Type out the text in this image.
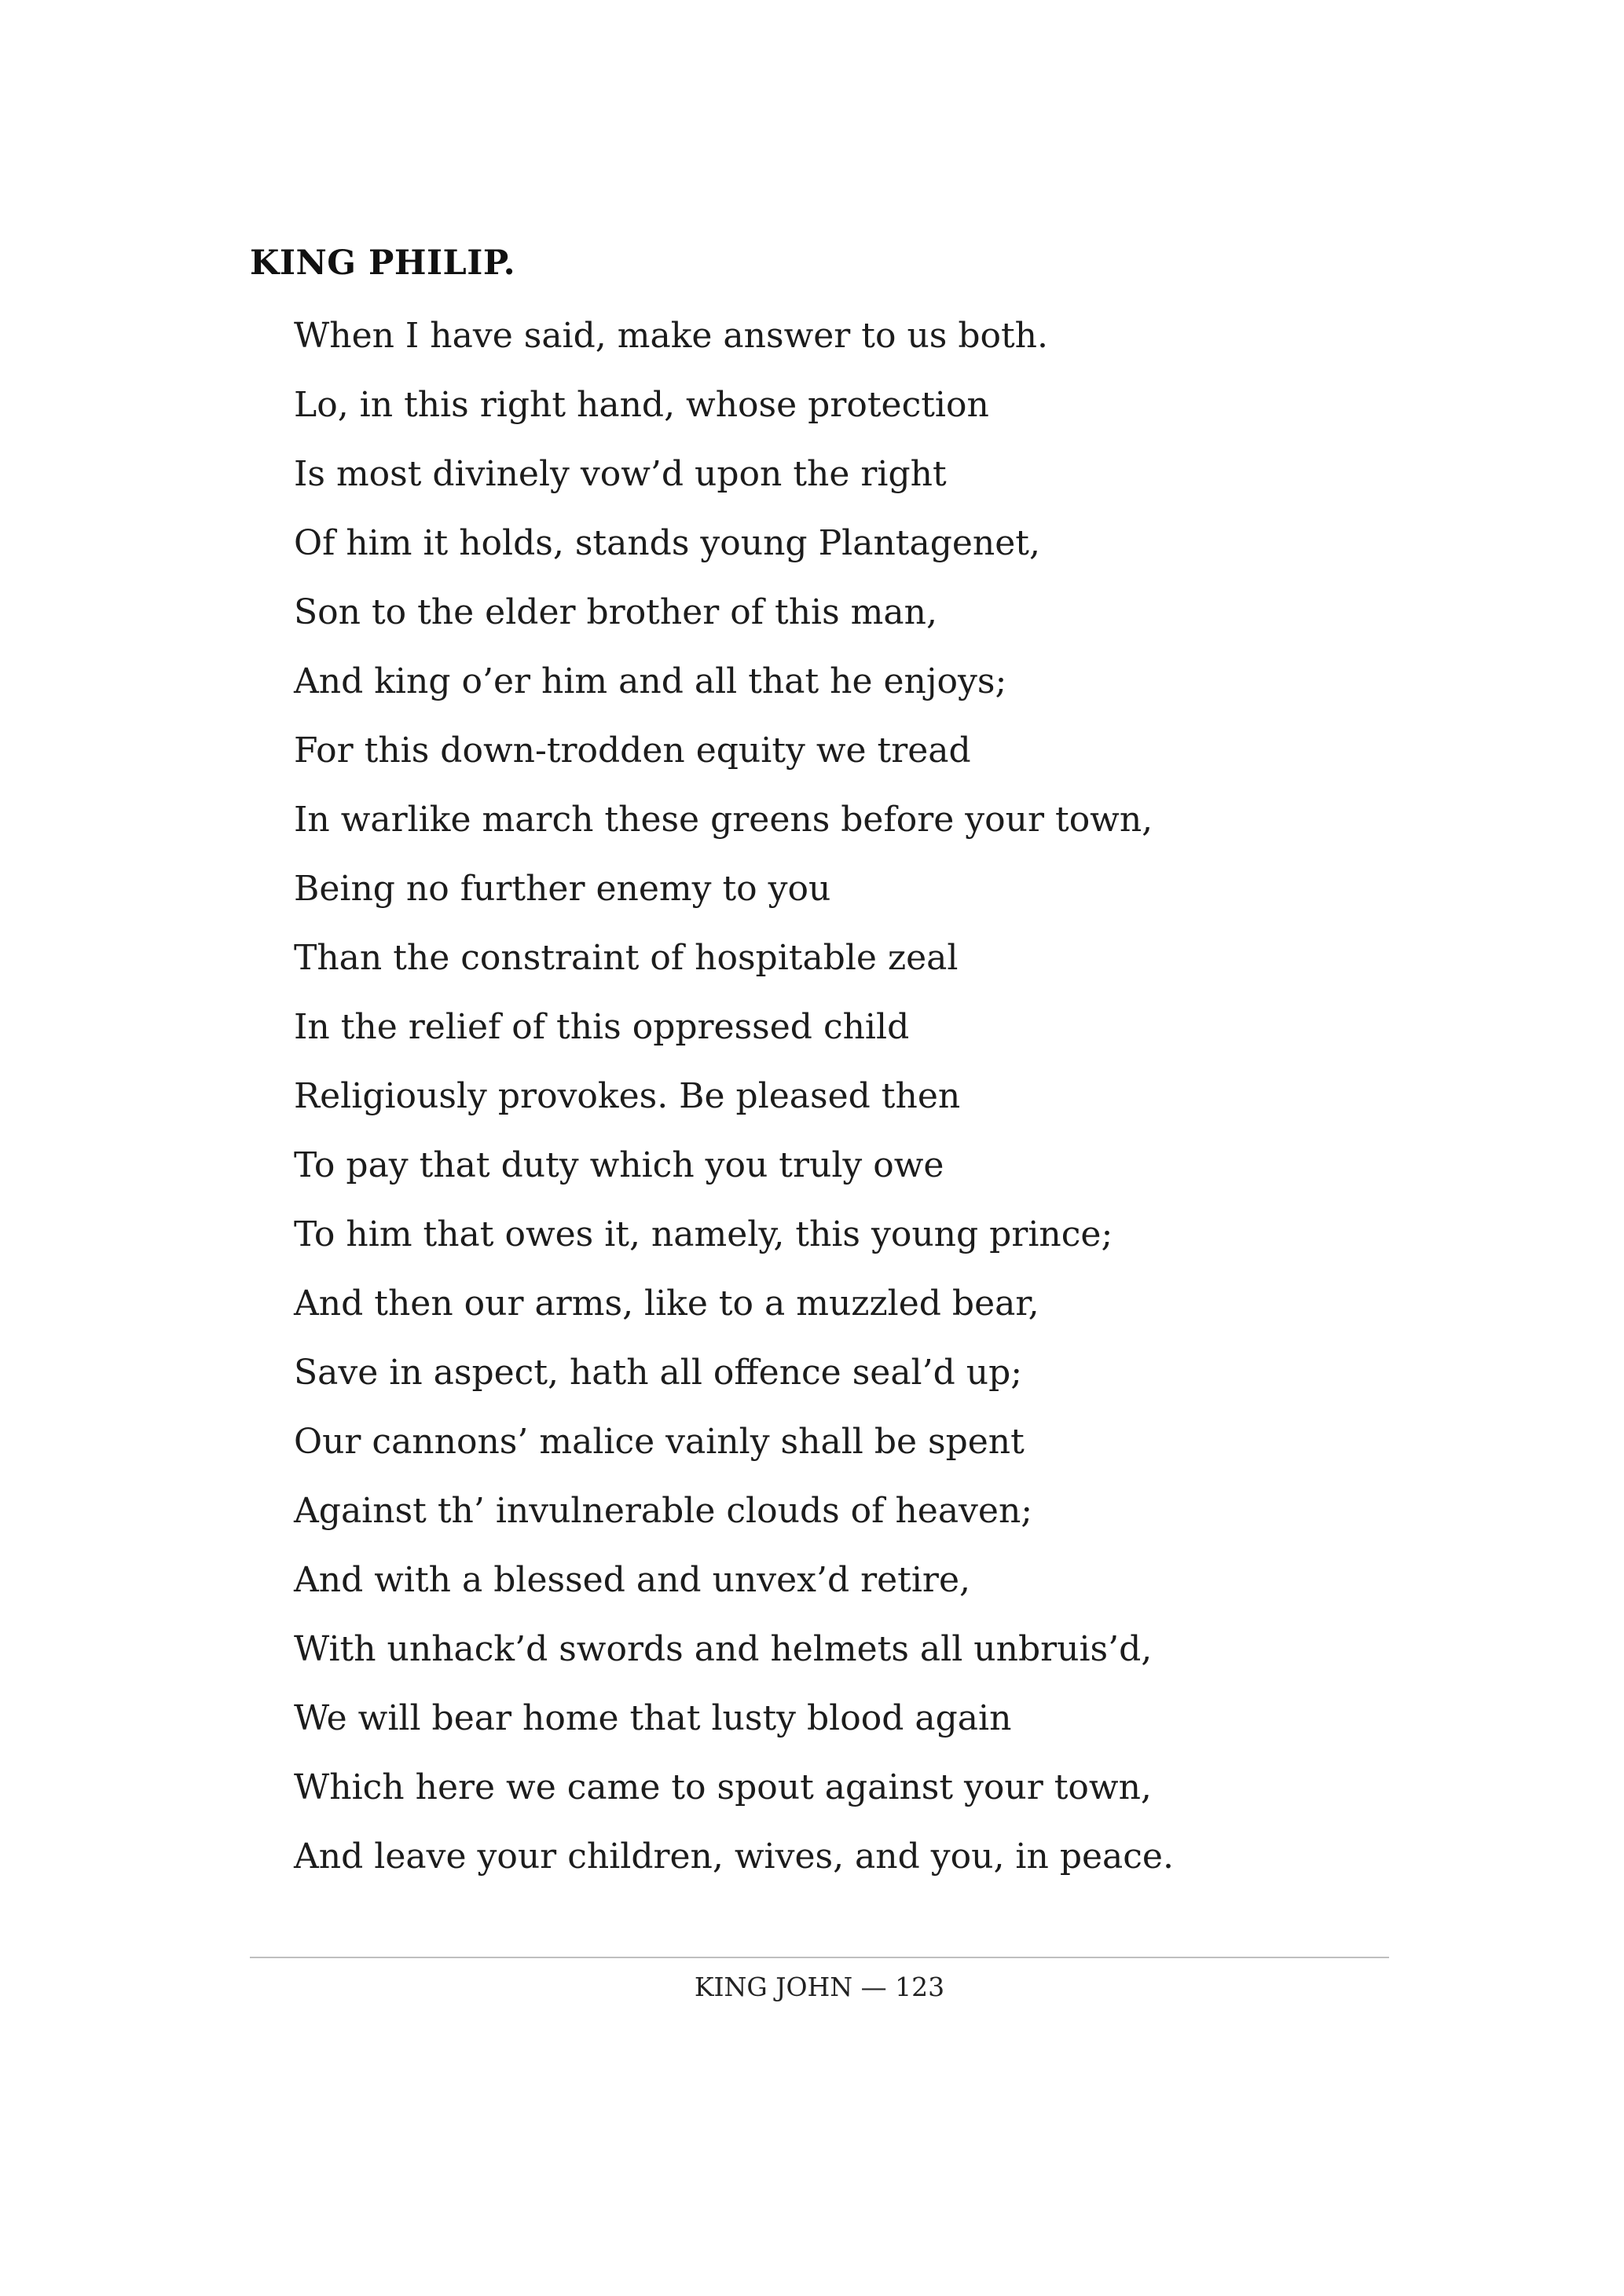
KING PHILIP.
When I have said, make answer to us both.
Lo, in this right hand, whose protection
Is most divinely vow’d upon the right
Of him it holds, stands young Plantagenet,
Son to the elder brother of this man,
And king o’er him and all that he enjoys;
For this down-trodden equity we tread
In warlike march these greens before your town,
Being no further enemy to you
Than the constraint of hospitable zeal
In the relief of this oppressed child
Religiously provokes. Be pleased then
To pay that duty which you truly owe
To him that owes it, namely, this young prince;
And then our arms, like to a muzzled bear,
Save in aspect, hath all offence seal’d up;
Our cannons’ malice vainly shall be spent
Against th’ invulnerable clouds of heaven;
And with a blessed and unvex’d retire,
With unhack’d swords and helmets all unbruis’d,
We will bear home that lusty blood again
Which here we came to spout against your town,
And leave your children, wives, and you, in peace.
KING JOHN — 123
